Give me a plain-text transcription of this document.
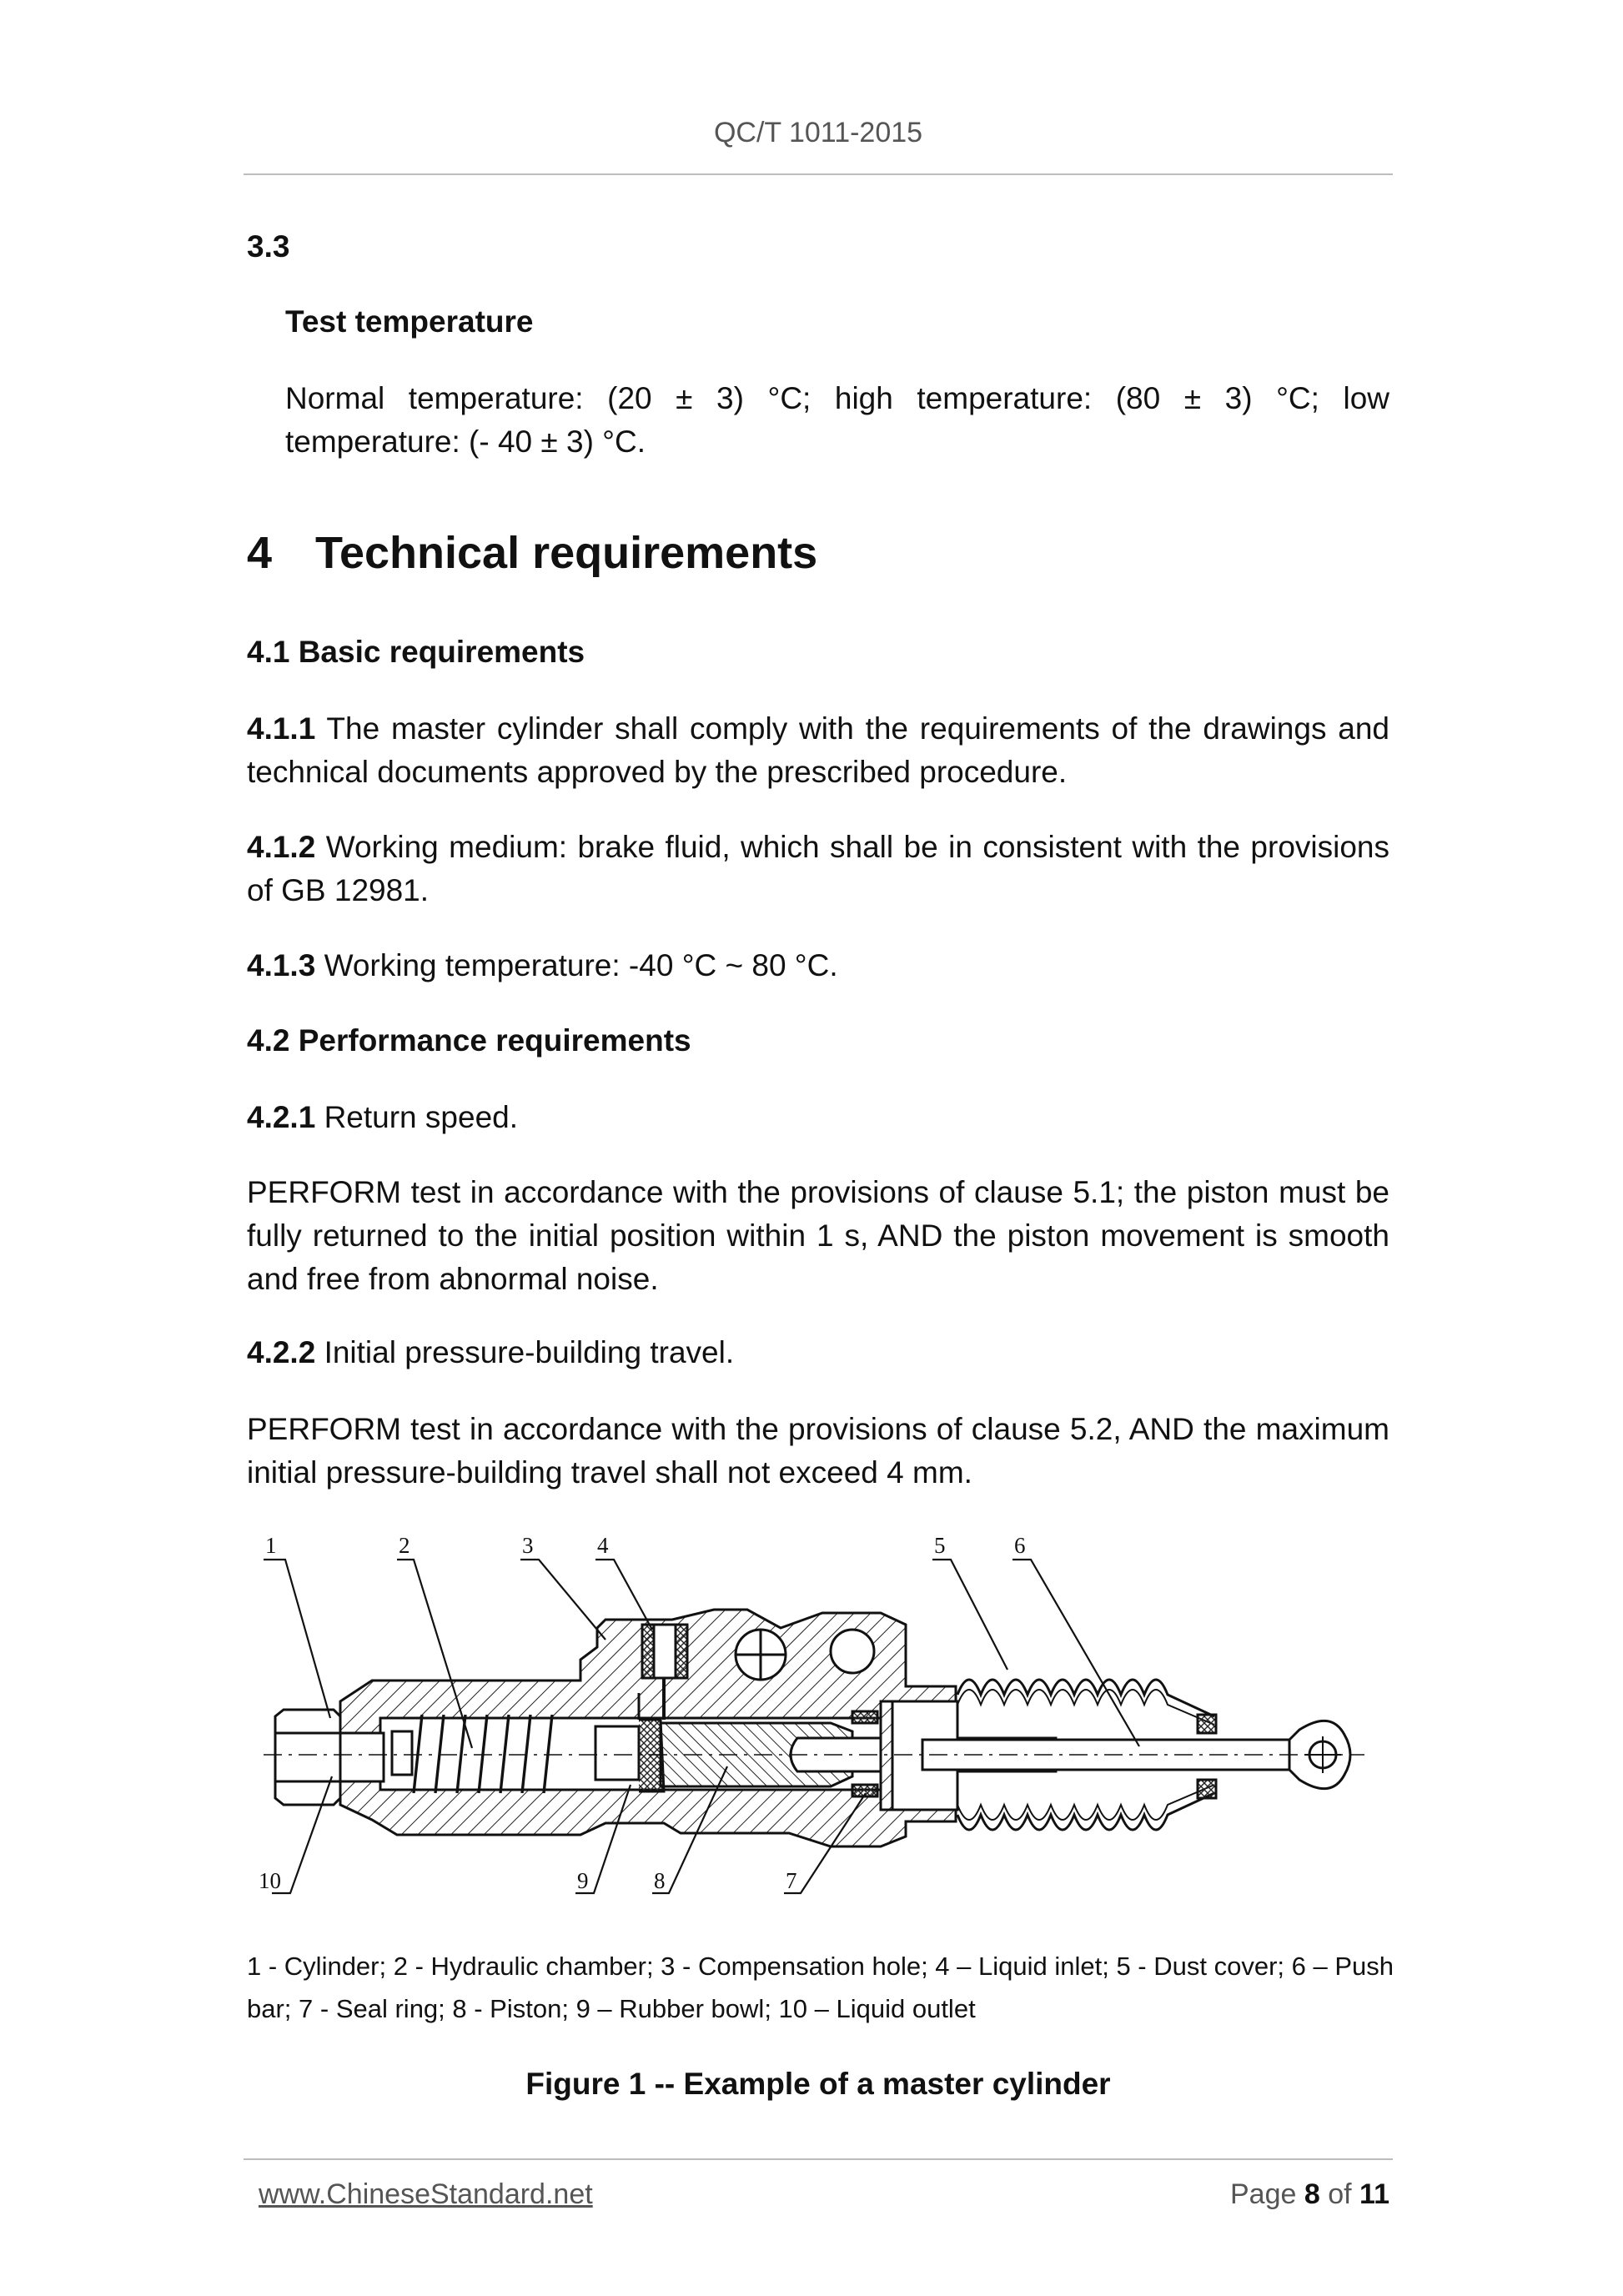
QC/T 1011-2015
3.3
Test temperature
Normal temperature: (20 ± 3) °C; high temperature: (80 ± 3) °C; low temperature: (- 40 ± 3) °C.
4 Technical requirements
4.1 Basic requirements
4.1.1 The master cylinder shall comply with the requirements of the drawings and technical documents approved by the prescribed procedure.
4.1.2 Working medium: brake fluid, which shall be in consistent with the provisions of GB 12981.
4.1.3 Working temperature: -40 °C ~ 80 °C.
4.2 Performance requirements
4.2.1 Return speed.
PERFORM test in accordance with the provisions of clause 5.1; the piston must be fully returned to the initial position within 1 s, AND the piston movement is smooth and free from abnormal noise.
4.2.2 Initial pressure-building travel.
PERFORM test in accordance with the provisions of clause 5.2, AND the maximum initial pressure-building travel shall not exceed 4 mm.
1	2	3	4	5	6
7
8
9
10
1 - Cylinder; 2 - Hydraulic chamber; 3 - Compensation hole; 4 – Liquid inlet; 5 - Dust cover; 6 – Push bar; 7 - Seal ring; 8 - Piston; 9 – Rubber bowl; 10 – Liquid outlet
Figure 1 -- Example of a master cylinder
www.ChineseStandard.net	Page 8 of 11
